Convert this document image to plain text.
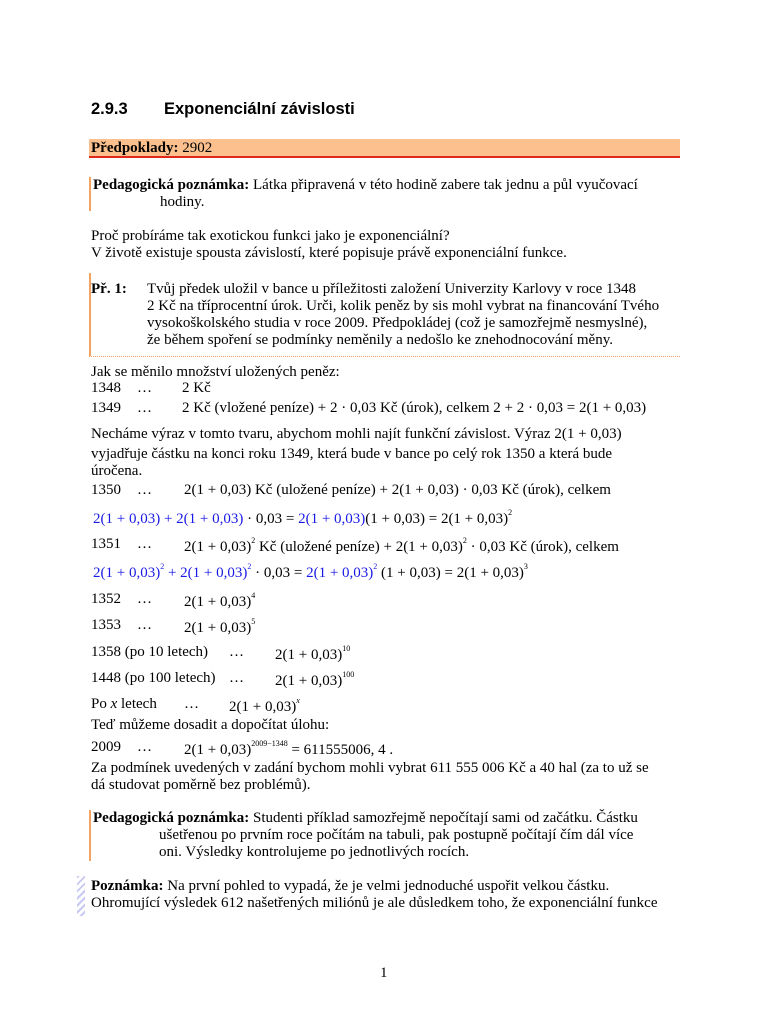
2.9.3 Exponenciální závislosti
Předpoklady: 2902
Pedagogická poznámka: Látka připravená v této hodině zabere tak jednu a půl vyučovací
hodiny.
Proč probíráme tak exotickou funkci jako je exponenciální?
V životě existuje spousta závislostí, které popisuje právě exponenciální funkce.
Př. 1: Tvůj předek uložil v bance u příležitosti založení Univerzity Karlovy v roce 1348
2 Kč na tříprocentní úrok. Urči, kolik peněz by sis mohl vybrat na financování Tvého
vysokoškolského studia v roce 2009. Předpokládej (což je samozřejmě nesmyslné),
že během spoření se podmínky neměnily a nedošlo ke znehodnocování měny.
Jak se měnilo množství uložených peněz:
1348 … 2 Kč
1349 … 2 Kč (vložené peníze) + 2 · 0,03 Kč (úrok), celkem 2 + 2 · 0,03 = 2(1 + 0,03)
Necháme výraz v tomto tvaru, abychom mohli najít funkční závislost. Výraz 2(1 + 0,03)
vyjadřuje částku na konci roku 1349, která bude v bance po celý rok 1350 a která bude
úročena.
1350 … 2(1 + 0,03) Kč (uložené peníze) + 2(1 + 0,03) · 0,03 Kč (úrok), celkem
$2(1 + 0,03) + 2(1 + 0,03) \cdot 0,03 = 2(1 + 0,03)(1 + 0,03) = 2(1 + 0,03)^2$
1351 … $2(1 + 0,03)^2$ Kč (uložené peníze) + $2(1 + 0,03)^2 \cdot 0,03$ Kč (úrok), celkem
$2(1 + 0,03)^2 + 2(1 + 0,03)^2 \cdot 0,03 = 2(1 + 0,03)^2$ $(1 + 0,03) = 2(1 + 0,03)^3$
1352 … $2(1 + 0,03)^4$
1353 … $2(1 + 0,03)^5$
1358 (po 10 letech) … $2(1 + 0,03)^{10}$
1448 (po 100 letech) … $2(1 + 0,03)^{100}$
Po x letech … $2(1 + 0,03)^x$
Teď můžeme dosadit a dopočítat úlohu:
2009 … $2(1 + 0,03)^{2009-1348} = 611555006$, 4 .
Za podmínek uvedených v zadání bychom mohli vybrat 611 555 006 Kč a 40 hal (za to už se
dá studovat poměrně bez problémů).
Pedagogická poznámka: Studenti příklad samozřejmě nepočítají sami od začátku. Částku
ušetřenou po prvním roce počítám na tabuli, pak postupně počítají čím dál více
oni. Výsledky kontrolujeme po jednotlivých rocích.
Poznámka: Na první pohled to vypadá, že je velmi jednoduché uspořit velkou částku.
Ohromující výsledek 612 našetřených miliónů je ale důsledkem toho, že exponenciální funkce
1
